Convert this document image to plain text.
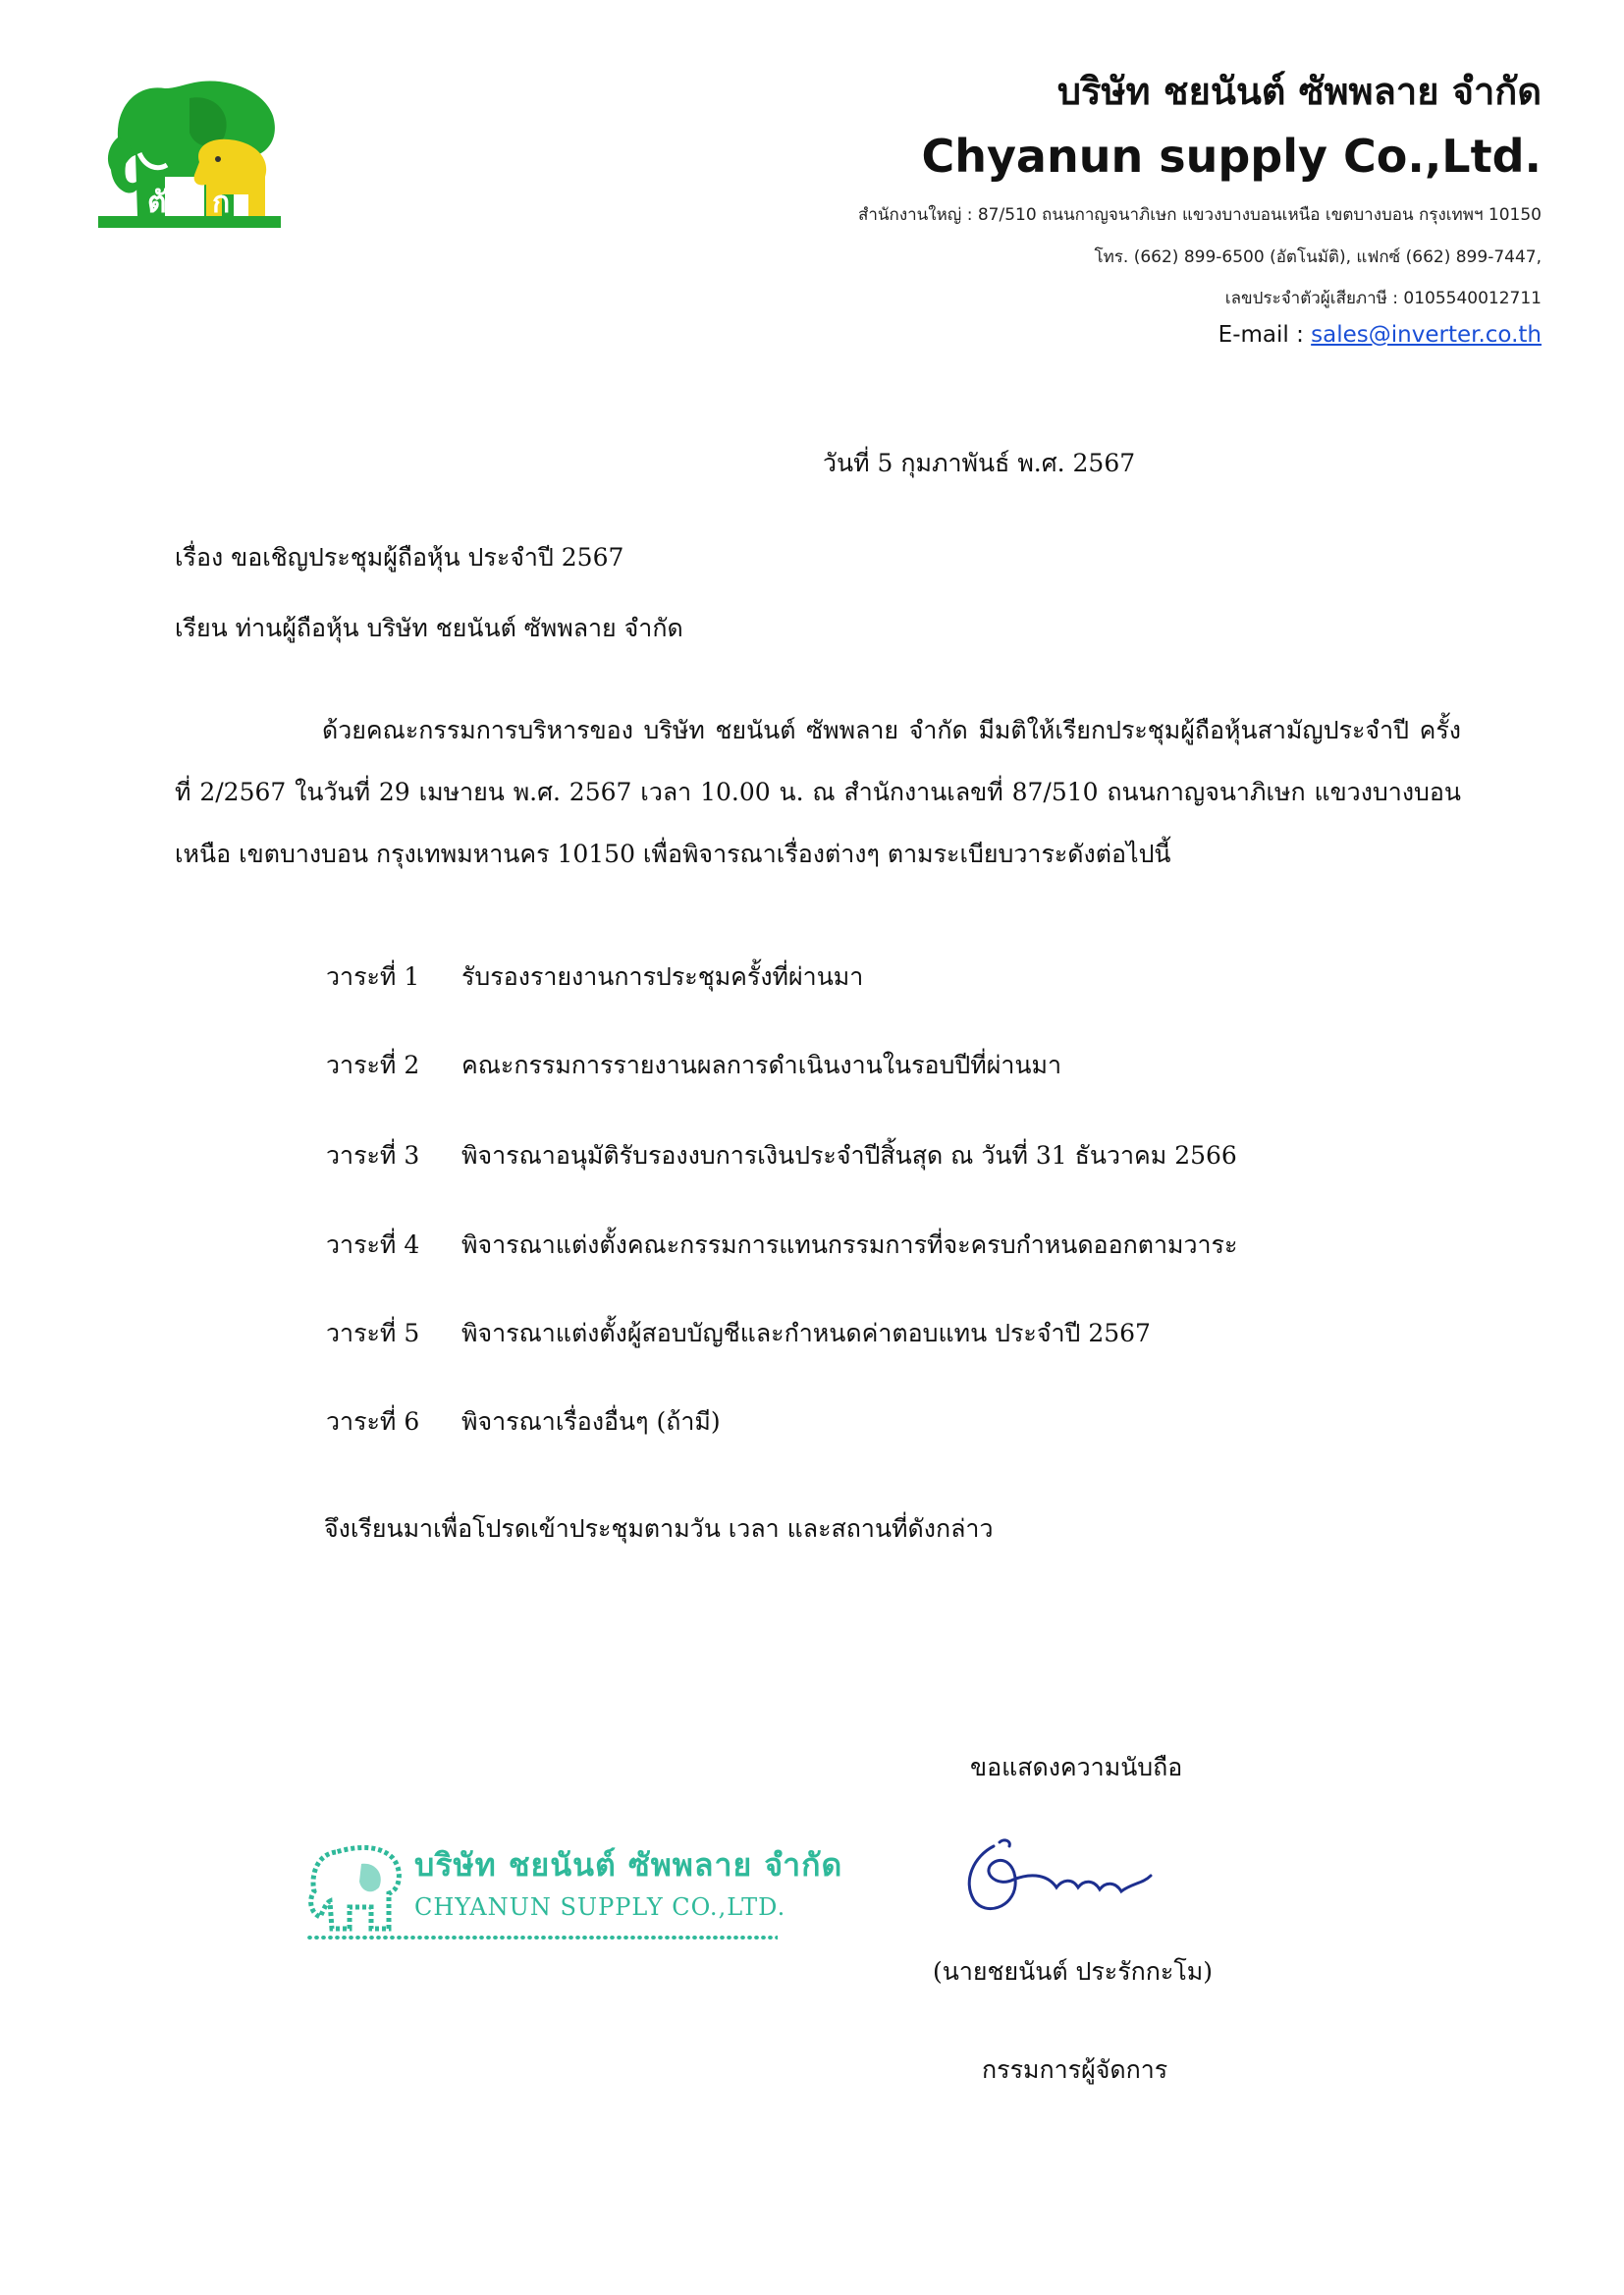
ตั ก
บริษัท ชยนันต์ ซัพพลาย จำกัด
Chyanun supply Co.,Ltd.
สำนักงานใหญ่ : 87/510 ถนนกาญจนาภิเษก แขวงบางบอนเหนือ เขตบางบอน กรุงเทพฯ 10150
โทร. (662) 899-6500 (อัตโนมัติ), แฟกซ์ (662) 899-7447,
เลขประจำตัวผู้เสียภาษี : 0105540012711
E-mail : sales@inverter.co.th
วันที่ 5 กุมภาพันธ์ พ.ศ. 2567
เรื่อง ขอเชิญประชุมผู้ถือหุ้น ประจำปี 2567
เรียน ท่านผู้ถือหุ้น บริษัท ชยนันต์ ซัพพลาย จำกัด
ด้วยคณะกรรมการบริหารของ บริษัท ชยนันต์ ซัพพลาย จำกัด มีมติให้เรียกประชุมผู้ถือหุ้นสามัญประจำปี ครั้งที่ 2/2567 ในวันที่ 29 เมษายน พ.ศ. 2567 เวลา 10.00 น. ณ สำนักงานเลขที่ 87/510 ถนนกาญจนาภิเษก แขวงบางบอนเหนือ เขตบางบอน กรุงเทพมหานคร 10150 เพื่อพิจารณาเรื่องต่างๆ ตามระเบียบวาระดังต่อไปนี้
วาระที่ 1 รับรองรายงานการประชุมครั้งที่ผ่านมา
วาระที่ 2 คณะกรรมการรายงานผลการดำเนินงานในรอบปีที่ผ่านมา
วาระที่ 3 พิจารณาอนุมัติรับรองงบการเงินประจำปีสิ้นสุด ณ วันที่ 31 ธันวาคม 2566
วาระที่ 4 พิจารณาแต่งตั้งคณะกรรมการแทนกรรมการที่จะครบกำหนดออกตามวาระ
วาระที่ 5 พิจารณาแต่งตั้งผู้สอบบัญชีและกำหนดค่าตอบแทน ประจำปี 2567
วาระที่ 6 พิจารณาเรื่องอื่นๆ (ถ้ามี)
จึงเรียนมาเพื่อโปรดเข้าประชุมตามวัน เวลา และสถานที่ดังกล่าว
บริษัท ชยนันต์ ซัพพลาย จำกัด
CHYANUN SUPPLY CO.,LTD.
ขอแสดงความนับถือ
(นายชยนันต์ ประรักกะโม)
กรรมการผู้จัดการ
